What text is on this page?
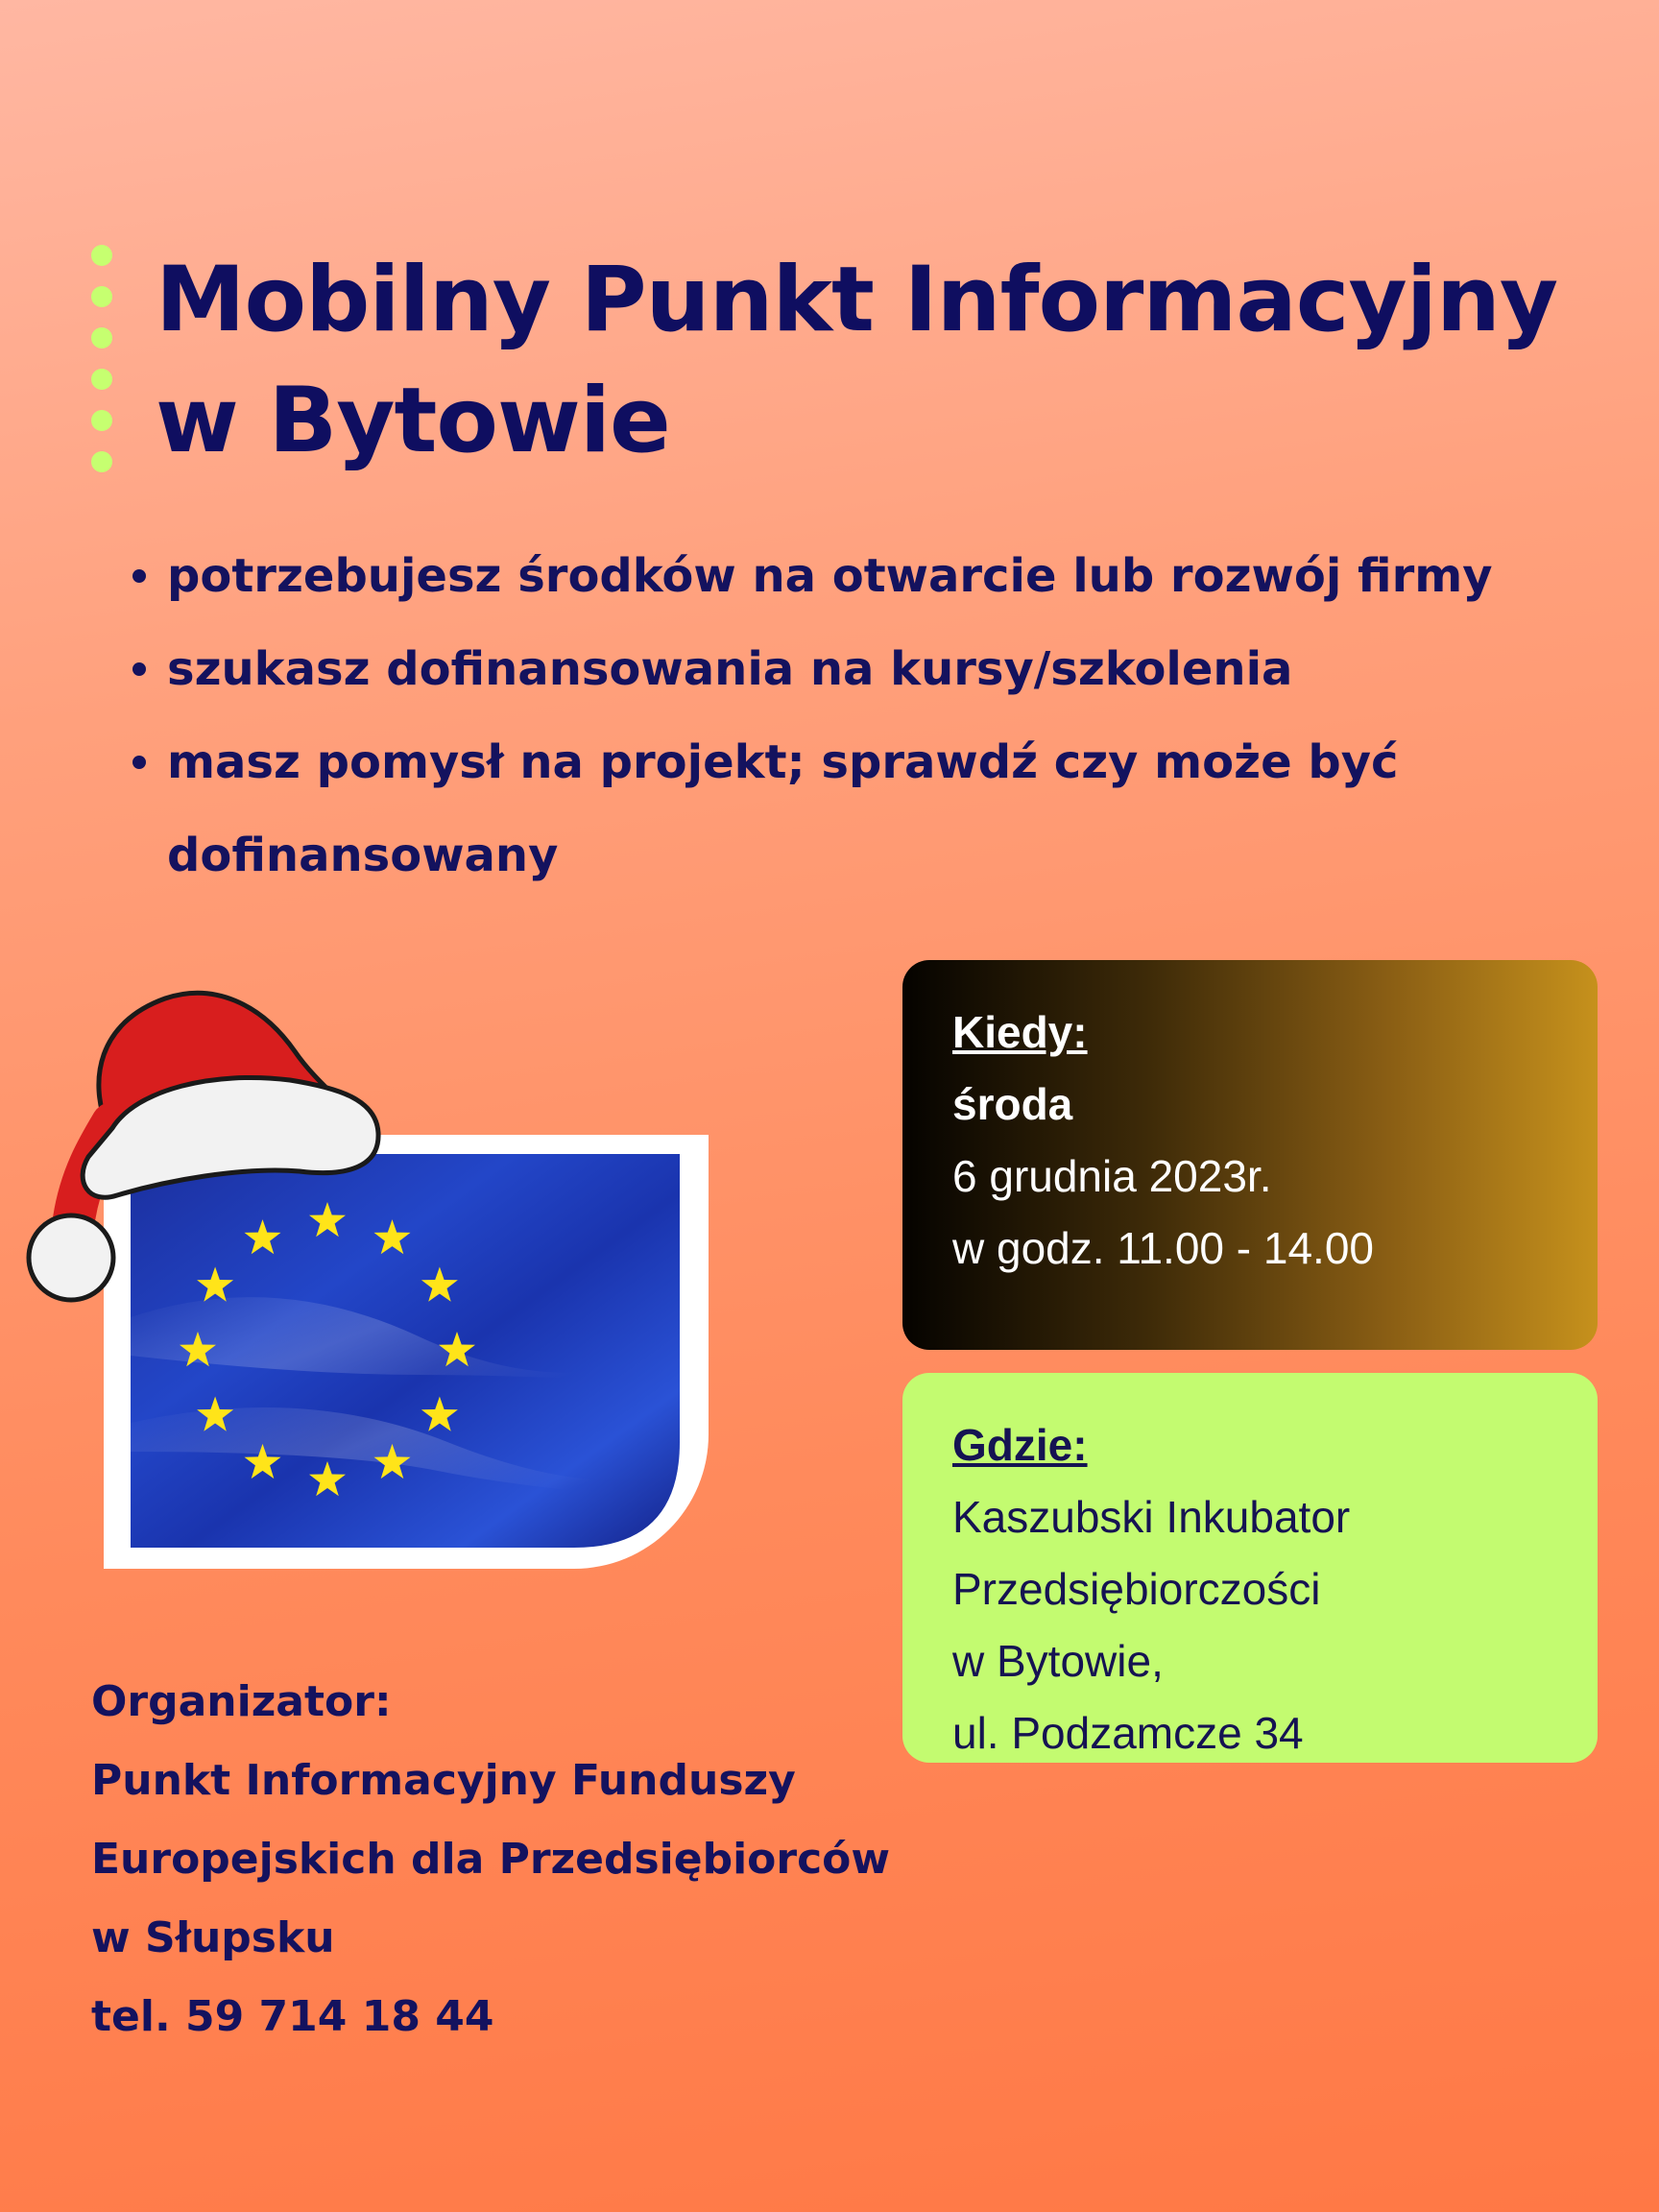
Mobilny Punkt Informacyjny
w Bytowie
potrzebujesz środków na otwarcie lub rozwój firmy
szukasz dofinansowania na kursy/szkolenia
masz pomysł na projekt; sprawdź czy może być dofinansowany
Kiedy:
środa
6 grudnia 2023r.
w godz. 11.00 - 14.00
Gdzie:
Kaszubski Inkubator
Przedsiębiorczości
w Bytowie,
ul. Podzamcze 34
Organizator:
Punkt Informacyjny Funduszy
Europejskich dla Przedsiębiorców
w Słupsku
tel. 59 714 18 44
